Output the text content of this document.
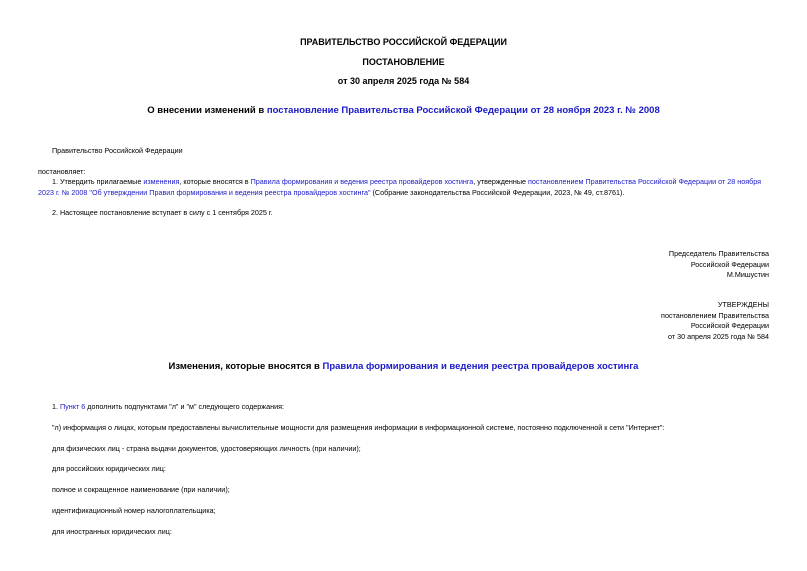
ПРАВИТЕЛЬСТВО РОССИЙСКОЙ ФЕДЕРАЦИИ
ПОСТАНОВЛЕНИЕ
от 30 апреля 2025 года № 584
О внесении изменений в постановление Правительства Российской Федерации от 28 ноября 2023 г. № 2008
Правительство Российской Федерации
постановляет:
1. Утвердить прилагаемые изменения, которые вносятся в Правила формирования и ведения реестра провайдеров хостинга, утвержденные постановлением Правительства Российской Федерации от 28 ноября 2023 г. № 2008 "Об утверждении Правил формирования и ведения реестра провайдеров хостинга" (Собрание законодательства Российской Федерации, 2023, № 49, ст.8761).
2. Настоящее постановление вступает в силу с 1 сентября 2025 г.
Председатель Правительства
Российской Федерации
М.Мишустин
УТВЕРЖДЕНЫ
постановлением Правительства
Российской Федерации
от 30 апреля 2025 года № 584
Изменения, которые вносятся в Правила формирования и ведения реестра провайдеров хостинга
1. Пункт 6 дополнить подпунктами "л" и "м" следующего содержания:
"л) информация о лицах, которым предоставлены вычислительные мощности для размещения информации в информационной системе, постоянно подключенной к сети "Интернет":
для физических лиц - страна выдачи документов, удостоверяющих личность (при наличии);
для российских юридических лиц:
полное и сокращенное наименование (при наличии);
идентификационный номер налогоплательщика;
для иностранных юридических лиц:
